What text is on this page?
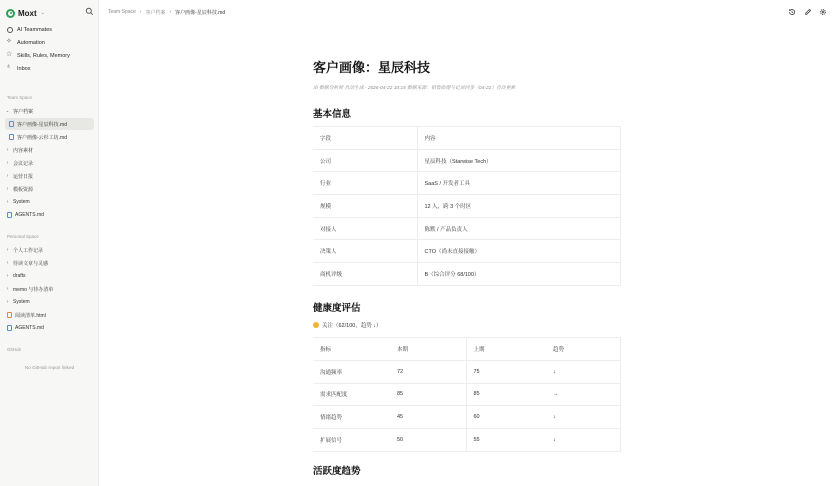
Moxt ⌄
AI Teammates
✧
Automation
☆
Skills, Rules, Memory
♁
Inbox
Team Space
⌄ 客户档案
客户画像-星辰科技.md
客户画像-云杉工坊.md
› 内容素材
› 会议记录
› 运营日报
› 模板资源
› System
AGENTS.md
Personal Space
› 个人工作记录
› 待读文章与灵感
› drafts
› memo 与待办清单
› System
阅读清单.html
AGENTS.md
GitHub
No GitHub repos linked
Team Space › 客户档案 › 客户画像-星辰科技.md
客户画像：星辰科技
由 数据分析师 自动生成 · 2026-04-22 10:15 数据来源：销售助理与记录同步（04-22）自动更新
基本信息
字段	内容
公司	星辰科技（Starwise Tech）
行业	SaaS / 开发者工具
规模	12 人，跨 3 个时区
对接人	陈默 / 产品负责人
决策人	CTO（尚未直接接触）
商机评级	B（综合评分 68/100）
健康度评估
关注（62/100，趋势 ↓）
指标	本期	上期	趋势
沟通频率	72	75	↓
需求匹配度	85	85	→
情绪趋势	45	60	↓
扩展信号	50	55	↓
活跃度趋势
